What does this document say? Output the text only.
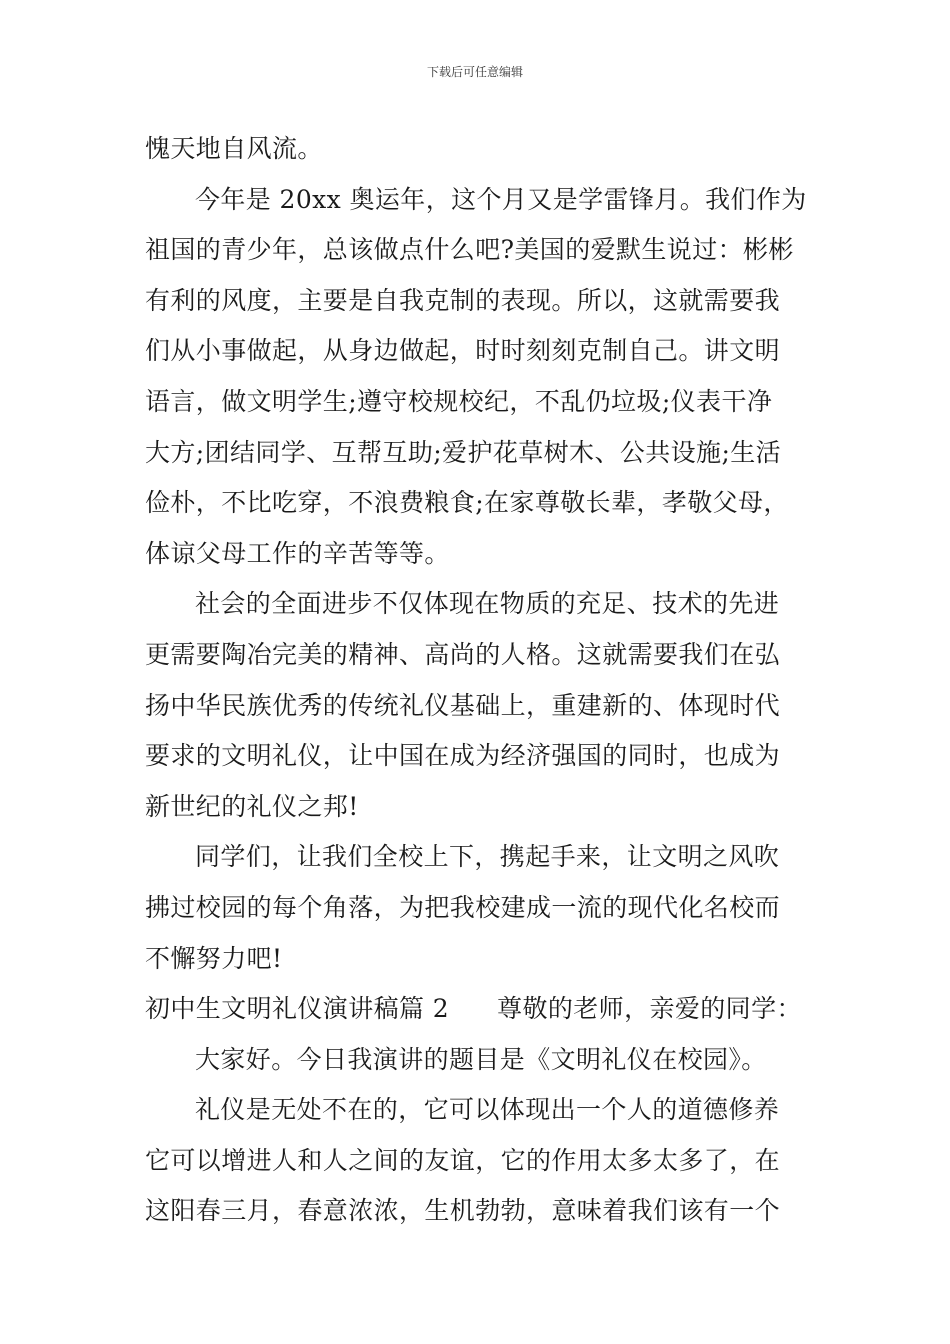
下载后可任意编辑
愧天地自风流。
今年是 20xx 奥运年，这个月又是学雷锋月。我们作为
祖国的青少年，总该做点什么吧?美国的爱默生说过：彬彬
有利的风度，主要是自我克制的表现。所以，这就需要我
们从小事做起，从身边做起，时时刻刻克制自己。讲文明
语言，做文明学生;遵守校规校纪，不乱仍垃圾;仪表干净
大方;团结同学、互帮互助;爱护花草树木、公共设施;生活
俭朴，不比吃穿，不浪费粮食;在家尊敬长辈，孝敬父母，
体谅父母工作的辛苦等等。
社会的全面进步不仅体现在物质的充足、技术的先进
更需要陶冶完美的精神、高尚的人格。这就需要我们在弘
扬中华民族优秀的传统礼仪基础上，重建新的、体现时代
要求的文明礼仪，让中国在成为经济强国的同时，也成为
新世纪的礼仪之邦!
同学们，让我们全校上下，携起手来，让文明之风吹
拂过校园的每个角落，为把我校建成一流的现代化名校而
不懈努力吧!
初中生文明礼仪演讲稿篇 2 尊敬的老师，亲爱的同学：
大家好。今日我演讲的题目是《文明礼仪在校园》。
礼仪是无处不在的，它可以体现出一个人的道德修养
它可以增进人和人之间的友谊，它的作用太多太多了，在
这阳春三月，春意浓浓，生机勃勃，意味着我们该有一个
